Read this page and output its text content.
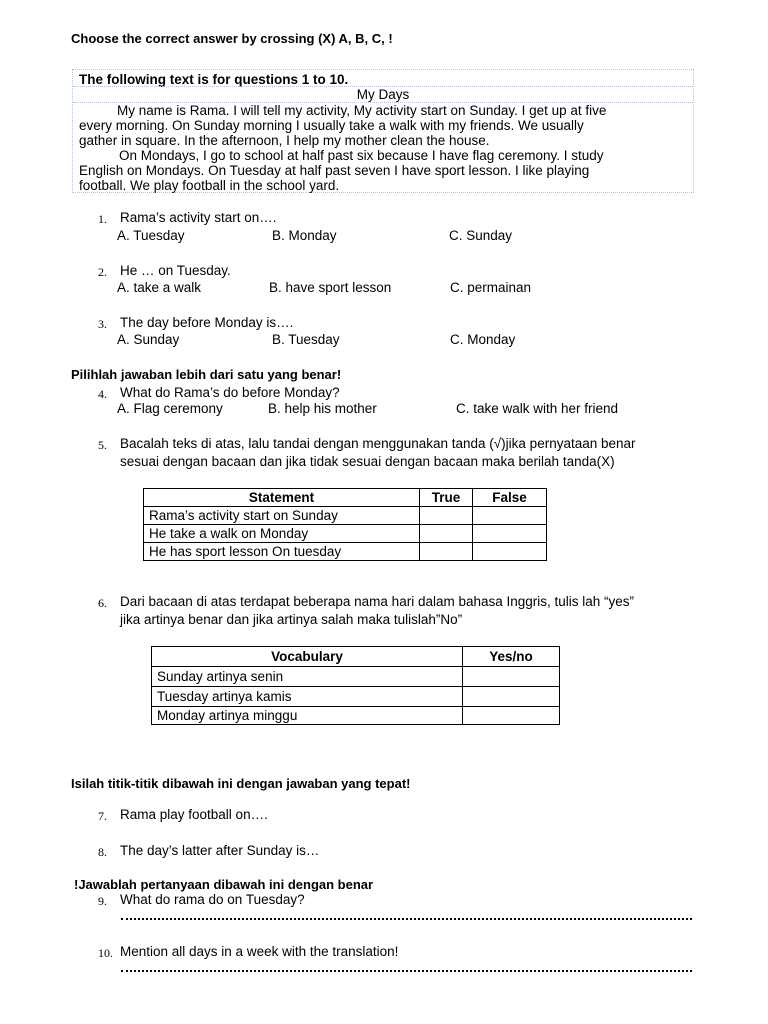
Choose the correct answer by crossing (X) A, B, C, !
The following text is for questions 1 to 10.
My Days
My name is Rama. I will tell my activity, My activity start on Sunday. I get up at five
every morning. On Sunday morning I usually take a walk with my friends. We usually
gather in square. In the afternoon, I help my mother clean the house.
On Mondays, I go to school at half past six because I have flag ceremony. I study
English on Mondays. On Tuesday at half past seven I have sport lesson. I like playing
football. We play football in the school yard.
1. Rama’s activity start on….
A. Tuesday	B. Monday	C. Sunday
2. He … on Tuesday.
A. take a walk	B. have sport lesson	C. permainan
3. The day before Monday is….
A. Sunday	B. Tuesday	C. Monday
Pilihlah jawaban lebih dari satu yang benar!
4. What do Rama’s do before Monday?
A. Flag ceremony	B. help his mother	C. take walk with her friend
5. Bacalah teks di atas, lalu tandai dengan menggunakan tanda (√)jika pernyataan benar
sesuai dengan bacaan dan jika tidak sesuai dengan bacaan maka berilah tanda(X)
Statement	True	False
Rama’s activity start on Sunday		
He take a walk on Monday		
He has sport lesson On tuesday		
6. Dari bacaan di atas terdapat beberapa nama hari dalam bahasa Inggris, tulis lah “yes”
jika artinya benar dan jika artinya salah maka tulislah”No”
Vocabulary	Yes/no
Sunday artinya senin	
Tuesday artinya kamis	
Monday artinya minggu	
Isilah titik-titik dibawah ini dengan jawaban yang tepat!
7. Rama play football on….
8. The day’s latter after Sunday is…
!Jawablah pertanyaan dibawah ini dengan benar
9. What do rama do on Tuesday?
10. Mention all days in a week with the translation!
